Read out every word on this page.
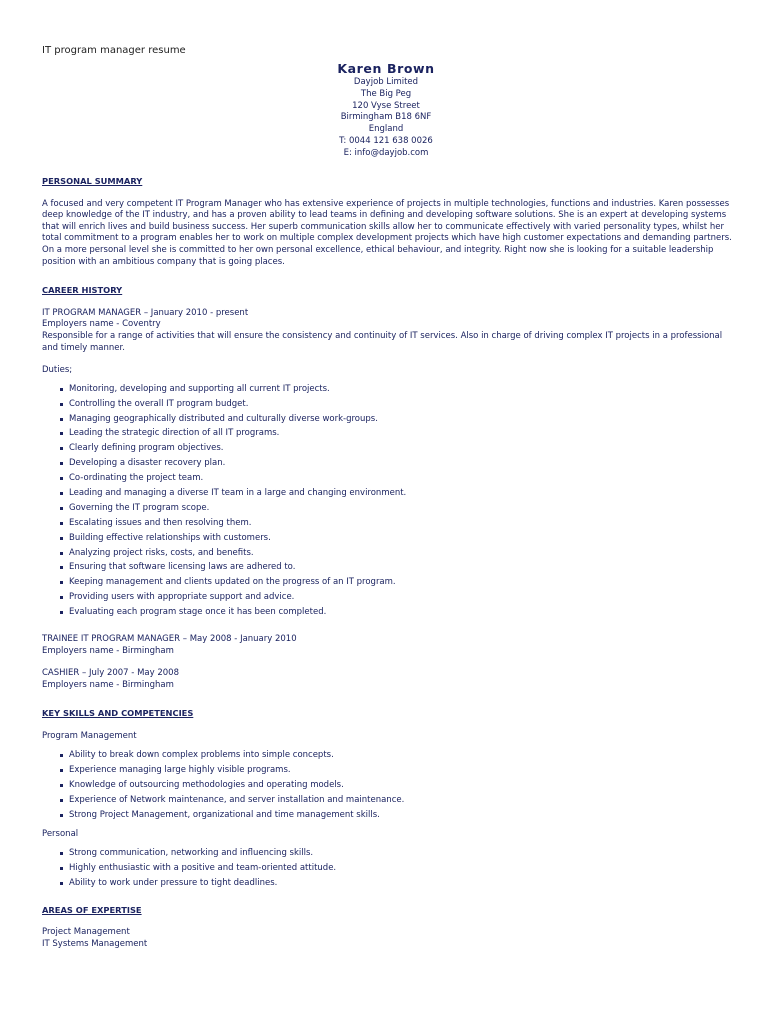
IT program manager resume
Karen Brown
Dayjob Limited
The Big Peg
120 Vyse Street
Birmingham B18 6NF
England
T: 0044 121 638 0026
E: info@dayjob.com
PERSONAL SUMMARY

A focused and very competent IT Program Manager who has extensive experience of projects in multiple technologies, functions and industries. Karen possesses deep knowledge of the IT industry, and has a proven ability to lead teams in defining and developing software solutions. She is an expert at developing systems that will enrich lives and build business success. Her superb communication skills allow her to communicate effectively with varied personality types, whilst her total commitment to a program enables her to work on multiple complex development projects which have high customer expectations and demanding partners. On a more personal level she is committed to her own personal excellence, ethical behaviour, and integrity. Right now she is looking for a suitable leadership position with an ambitious company that is going places.

CAREER HISTORY
IT PROGRAM MANAGER – January 2010 - present
Employers name - Coventry
Responsible for a range of activities that will ensure the consistency and continuity of IT services. Also in charge of driving complex IT projects in a professional and timely manner.
Duties;
Monitoring, developing and supporting all current IT projects.
Controlling the overall IT program budget.
Managing geographically distributed and culturally diverse work-groups.
Leading the strategic direction of all IT programs.
Clearly defining program objectives.
Developing a disaster recovery plan.
Co-ordinating the project team.
Leading and managing a diverse IT team in a large and changing environment.
Governing the IT program scope.
Escalating issues and then resolving them.
Building effective relationships with customers.
Analyzing project risks, costs, and benefits.
Ensuring that software licensing laws are adhered to.
Keeping management and clients updated on the progress of an IT program.
Providing users with appropriate support and advice.
Evaluating each program stage once it has been completed.
TRAINEE IT PROGRAM MANAGER – May 2008 - January 2010
Employers name - Birmingham
CASHIER – July 2007 - May 2008
Employers name - Birmingham
KEY SKILLS AND COMPETENCIES
Program Management
Ability to break down complex problems into simple concepts.
Experience managing large highly visible programs.
Knowledge of outsourcing methodologies and operating models.
Experience of Network maintenance, and server installation and maintenance.
Strong Project Management, organizational and time management skills.
Personal
Strong communication, networking and influencing skills.
Highly enthusiastic with a positive and team-oriented attitude.
Ability to work under pressure to tight deadlines.
AREAS OF EXPERTISE
Project Management
IT Systems Management
